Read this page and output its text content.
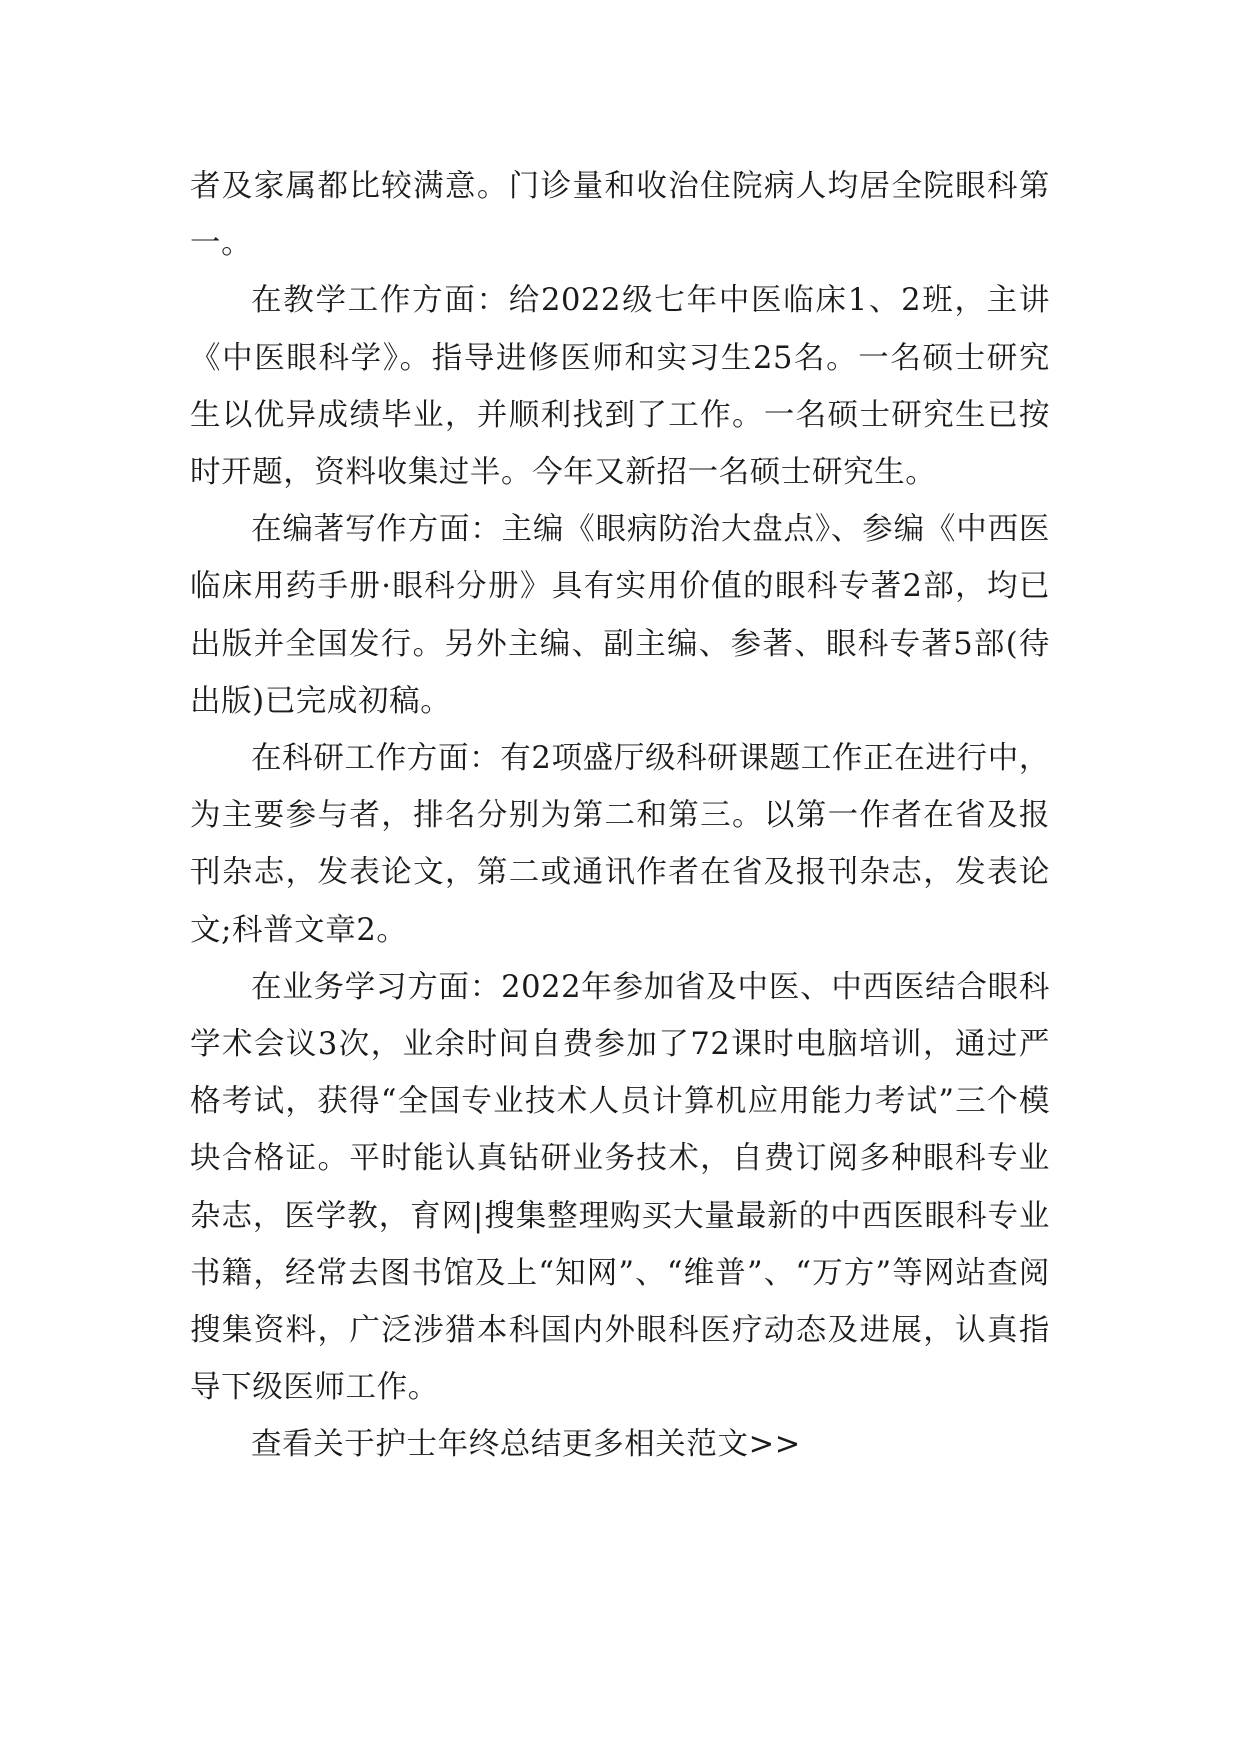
者及家属都比较满意。门诊量和收治住院病人均居全院眼科第一。

在教学工作方面：给2022级七年中医临床1、2班，主讲《中医眼科学》。指导进修医师和实习生25名。一名硕士研究生以优异成绩毕业，并顺利找到了工作。一名硕士研究生已按时开题，资料收集过半。今年又新招一名硕士研究生。

在编著写作方面：主编《眼病防治大盘点》、参编《中西医临床用药手册·眼科分册》具有实用价值的眼科专著2部，均已出版并全国发行。另外主编、副主编、参著、眼科专著5部(待出版)已完成初稿。

在科研工作方面：有2项盛厅级科研课题工作正在进行中，为主要参与者，排名分别为第二和第三。以第一作者在省及报刊杂志，发表论文，第二或通讯作者在省及报刊杂志，发表论文;科普文章2。

在业务学习方面：2022年参加省及中医、中西医结合眼科学术会议3次，业余时间自费参加了72课时电脑培训，通过严格考试，获得“全国专业技术人员计算机应用能力考试”三个模块合格证。平时能认真钻研业务技术，自费订阅多种眼科专业杂志，医学教，育网|搜集整理购买大量最新的中西医眼科专业书籍，经常去图书馆及上“知网”、“维普”、“万方”等网站查阅搜集资料，广泛涉猎本科国内外眼科医疗动态及进展，认真指导下级医师工作。

查看关于护士年终总结更多相关范文>>
